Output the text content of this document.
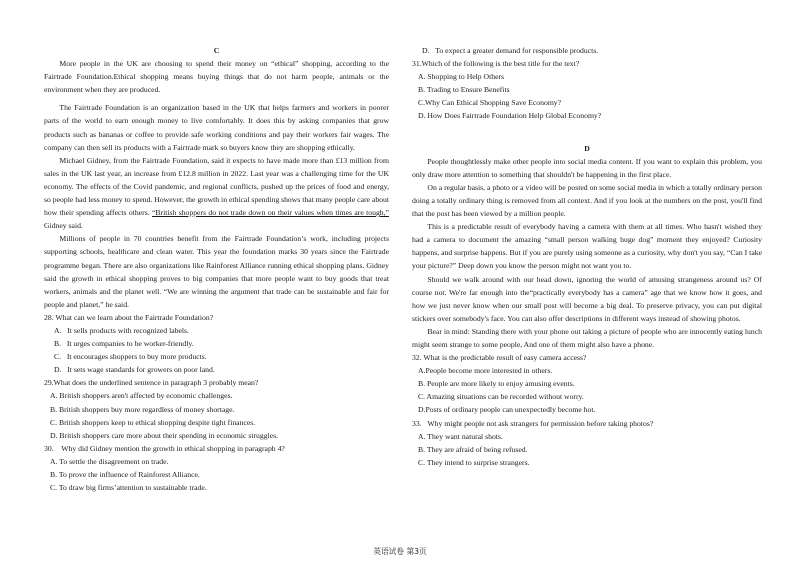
C
More people in the UK are choosing to spend their money on “ethical” shopping, according to the Fairtrade Foundation.Ethical shopping means buying things that do not harm people, animals or the environment when they are produced.
The Fairtrade Foundation is an organization based in the UK that helps farmers and workers in poorer parts of the world to earn enough money to live comfortably. It does this by asking companies that grow products such as bananas or coffee to provide safe working conditions and pay their workers fair wages. The company can then sell its products with a Fairtrade mark so buyers know they are shopping ethically.
Michael Gidney, from the Fairtrade Foundation, said it expects to have made more than £13 million from sales in the UK last year, an increase from £12.8 million in 2022. Last year was a challenging time for the UK economy. The effects of the Covid pandemic, and regional conflicts, pushed up the prices of food and energy, so people had less money to spend. However, the growth in ethical spending shows that many people care about how their spending affects others. “British shoppers do not trade down on their values when times are tough,” Gidney said.
Millions of people in 70 countries benefit from the Fairtrade Foundation’s work, including projects supporting schools, healthcare and clean water. This year the foundation marks 30 years since the Fairtrade programme began. There are also organizations like Rainforest Alliance running ethical shopping plans. Gidney said the growth in ethical shopping proves to big companies that more people want to buy goods that treat workers, animals and the planet well. “We are winning the argument that trade can be sustainable and fair for people and planet,” he said.
28. What can we learn about the Fairtrade Foundation?
A.   It sells products with recognized labels.
B.   It urges companies to be worker-friendly.
C.   It encourages shoppers to buy more products.
D.   It sets wage standards for growers on poor land.
29.What does the underlined sentence in paragraph 3 probably mean?
A. British shoppers aren't affected by economic challenges.
B. British shoppers buy more regardless of money shortage.
C. British shoppers keep to ethical shopping despite tight finances.
D. British shoppers care more about their spending in economic struggles.
30.    Why did Gidney mention the growth in ethical shopping in paragraph 4?
A. To settle the disagreement on trade.
B. To prove the influence of Rainforest Alliance.
C. To draw big firms’attention to sustainable trade.
D.   To expect a greater demand for responsible products.
31.Which of the following is the best title for the text?
A. Shopping to Help Others
B. Trading to Ensure Benefits
C.Why Can Ethical Shopping Save Economy?
D. How Does Fairtrade Foundation Help Global Economy?
D
People thoughtlessly make other people into social media content. If you want to explain this problem, you only draw more attention to something that shouldn't be happening in the first place.
On a regular basis, a photo or a video will be posted on some social media in which a totally ordinary person doing a totally ordinary thing is removed from all context. And if you look at the numbers on the post, you'll find that the post has been viewed by a million people.
This is a predictable result of everybody having a camera with them at all times. Who hasn't wished they had a camera to document the amazing “small person walking huge dog” moment they enjoyed? Curiosity happens, and surprise happens. But if you are purely using someone as a curiosity, why don't you say, “Can I take your picture?” Deep down you know the person might not want you to.
Should we walk around with our head down, ignoring the world of amusing strangeness around us? Of course not. We're far enough into the“practically everybody has a camera” age that we know how it goes, and how we just never know when our small post will become a big deal. To preserve privacy, you can put digital stickers over somebody's face. You can also offer descriptions in different ways instead of showing photos.
Bear in mind: Standing there with your phone out taking a picture of people who are innocently eating lunch might seem strange to some people, And one of them might also have a phone.
32. What is the predictable result of easy camera access?
A.People become more interested in others.
B. People are more likely to enjoy amusing events.
C. Amazing situations can be recorded without worry.
D.Posts of ordinary people can unexpectedly become hot.
33.   Why might people not ask strangers for permission before taking photos?
A. They want natural shots.
B. They are afraid of being refused.
C. They intend to surprise strangers.
英语试卷 第3页
